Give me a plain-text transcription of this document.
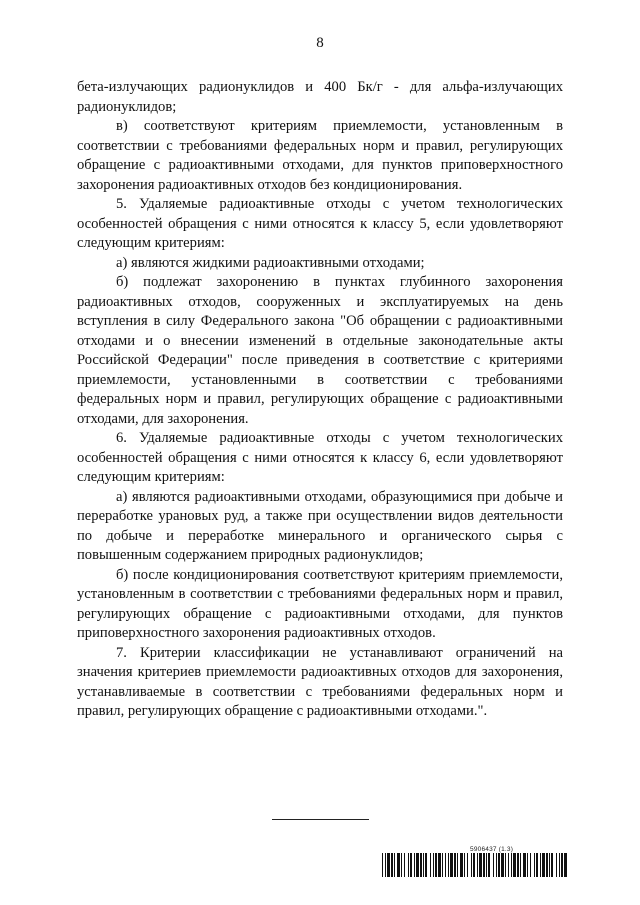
8

бета-излучающих радионуклидов и 400 Бк/г - для альфа-излучающих радионуклидов;

в) соответствуют критериям приемлемости, установленным в соответствии с требованиями федеральных норм и правил, регулирующих обращение с радиоактивными отходами, для пунктов приповерхностного захоронения радиоактивных отходов без кондиционирования.

5. Удаляемые радиоактивные отходы с учетом технологических особенностей обращения с ними относятся к классу 5, если удовлетворяют следующим критериям:

а) являются жидкими радиоактивными отходами;

б) подлежат захоронению в пунктах глубинного захоронения радиоактивных отходов, сооруженных и эксплуатируемых на день вступления в силу Федерального закона "Об обращении с радиоактивными отходами и о внесении изменений в отдельные законодательные акты Российской Федерации" после приведения в соответствие с критериями приемлемости, установленными в соответствии с требованиями федеральных норм и правил, регулирующих обращение с радиоактивными отходами, для захоронения.

6. Удаляемые радиоактивные отходы с учетом технологических особенностей обращения с ними относятся к классу 6, если удовлетворяют следующим критериям:

а) являются радиоактивными отходами, образующимися при добыче и переработке урановых руд, а также при осуществлении видов деятельности по добыче и переработке минерального и органического сырья с повышенным содержанием природных радионуклидов;

б) после кондиционирования соответствуют критериям приемлемости, установленным в соответствии с требованиями федеральных норм и правил, регулирующих обращение с радиоактивными отходами, для пунктов приповерхностного захоронения радиоактивных отходов.

7. Критерии классификации не устанавливают ограничений на значения критериев приемлемости радиоактивных отходов для захоронения, устанавливаемые в соответствии с требованиями федеральных норм и правил, регулирующих обращение с радиоактивными отходами.".

5906437 (1.3)
